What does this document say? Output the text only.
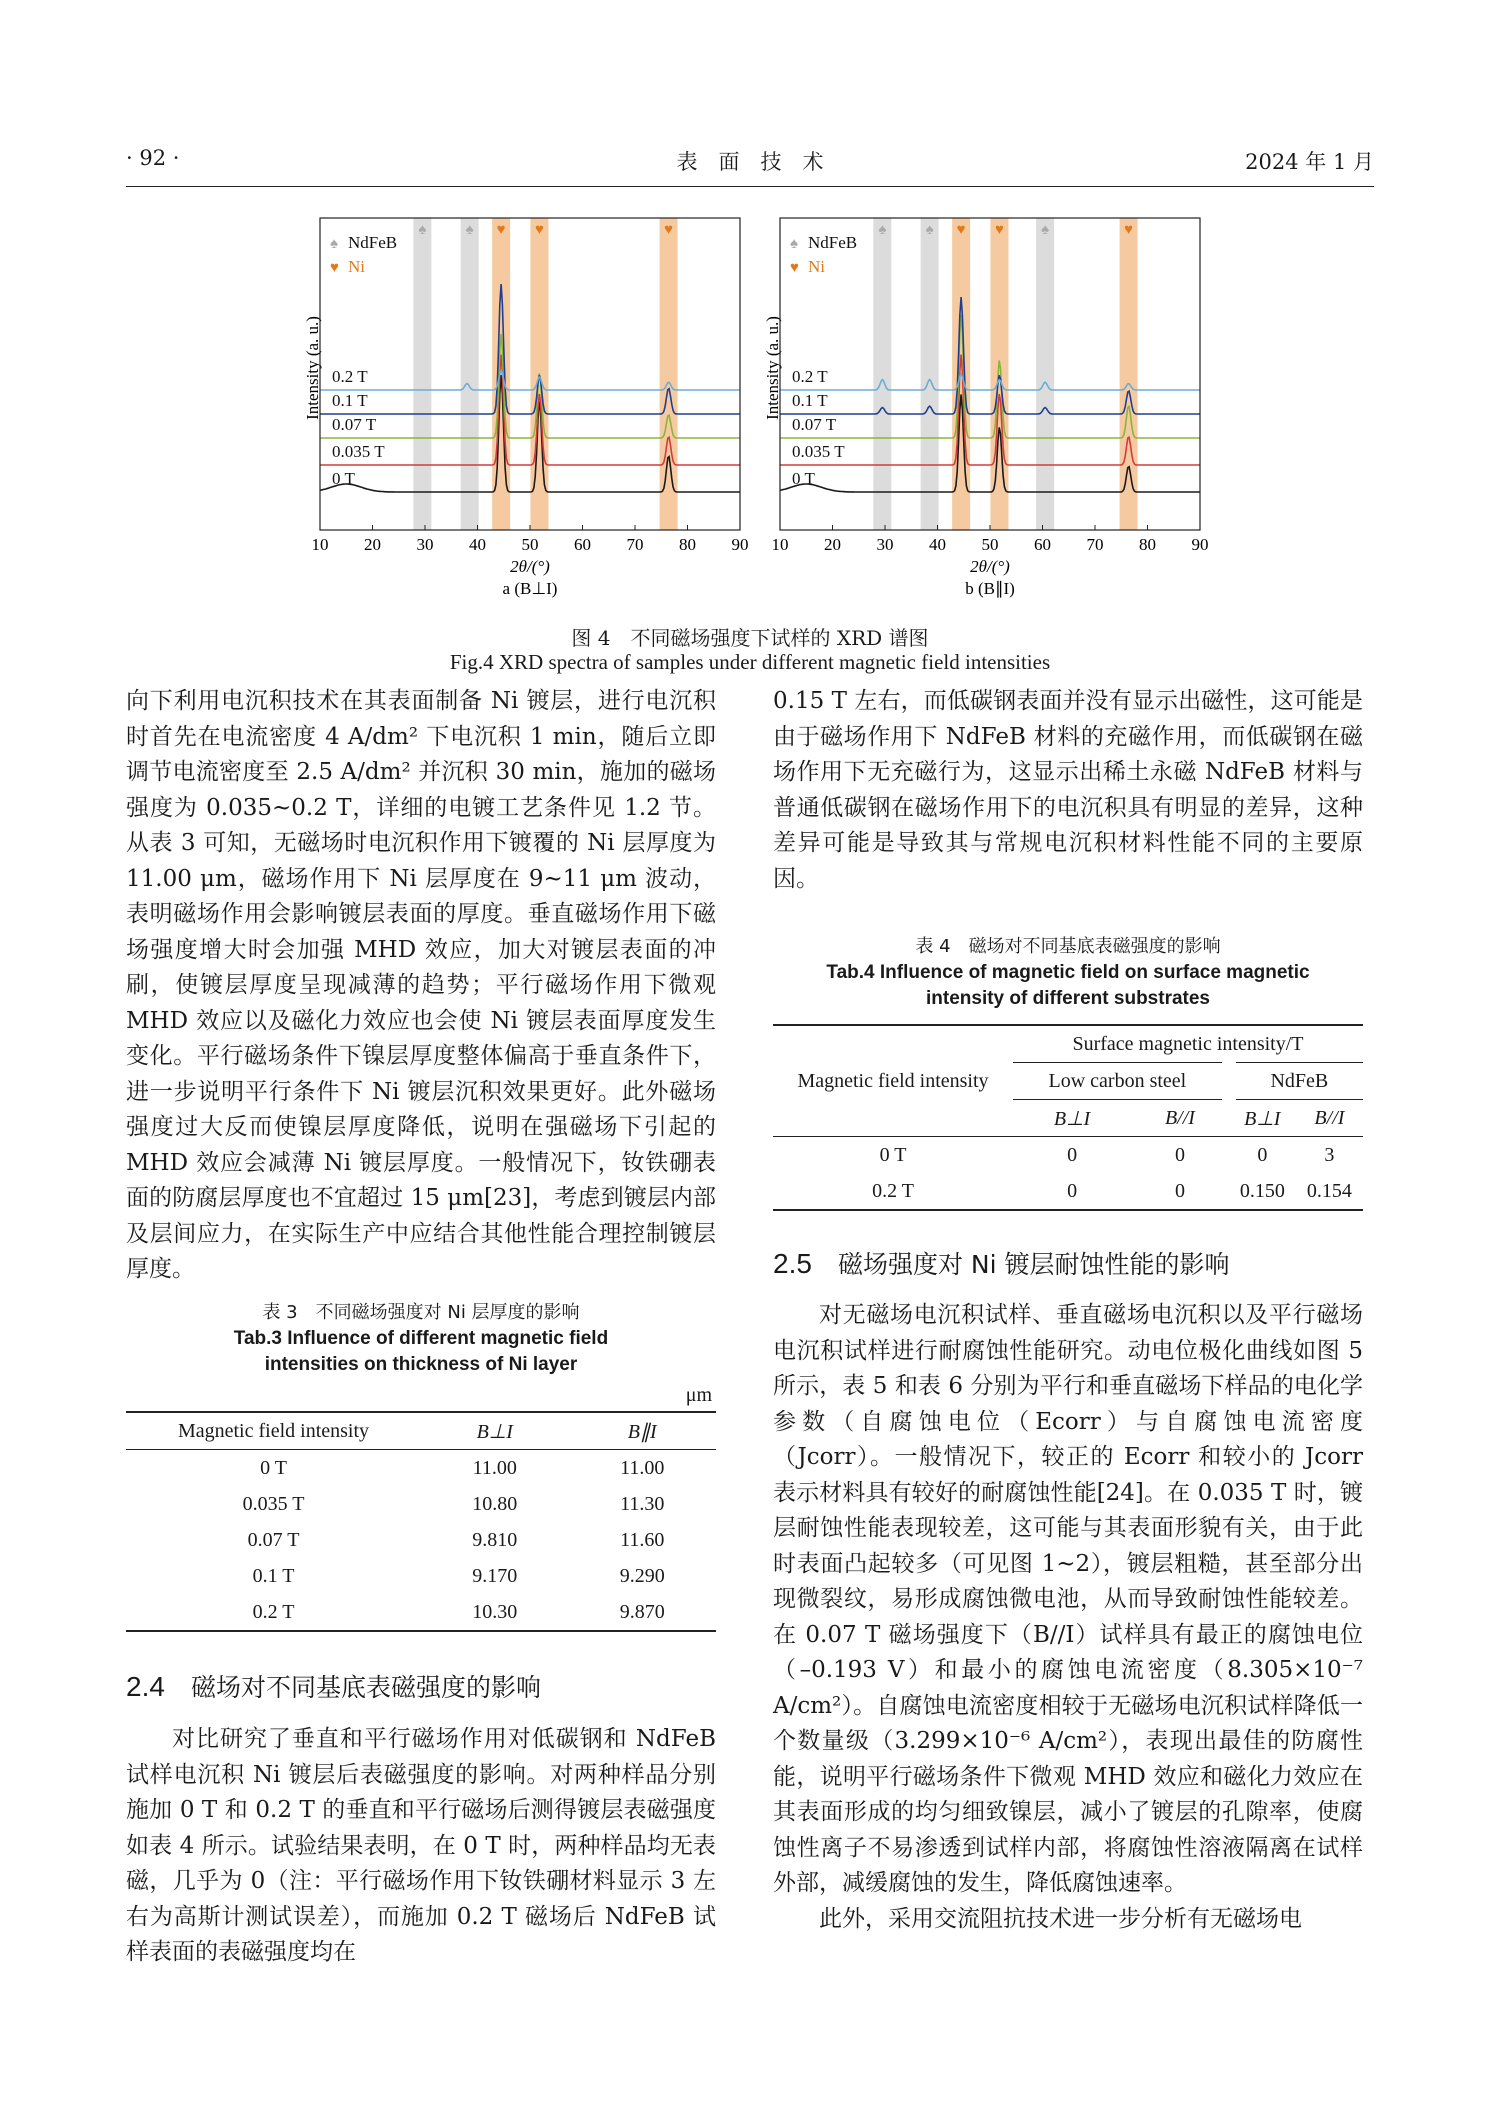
· 92 ·	表　面　技　术	2024 年 1 月
♠	♠ ♥ ♥	♥
0 T
0.035 T
0.07 T
0.1 T
0.2 T
10 20 30 40 50 60 70 80 90
2θ/(°)
a (B⊥I)
Intensity (a. u.)
♠ NdFeB
♥ Ni
♠	♠	♠
♥ ♥	♥
0 T
0.035 T
0.07 T
0.1 T
0.2 T
10 20 30 40 50 60 70 80 90
2θ/(°)
b (B∥I)
Intensity (a. u.)
♠ NdFeB
♥ Ni
图 4　不同磁场强度下试样的 XRD 谱图
Fig.4 XRD spectra of samples under different magnetic field intensities

向下利用电沉积技术在其表面制备 Ni 镀层，进行电沉积时首先在电流密度 4 A/dm² 下电沉积 1 min，随后立即调节电流密度至 2.5 A/dm² 并沉积 30 min，施加的磁场强度为 0.035~0.2 T，详细的电镀工艺条件见 1.2 节。从表 3 可知，无磁场时电沉积作用下镀覆的 Ni 层厚度为 11.00 μm，磁场作用下 Ni 层厚度在 9~11 μm 波动，表明磁场作用会影响镀层表面的厚度。垂直磁场作用下磁场强度增大时会加强 MHD 效应，加大对镀层表面的冲刷，使镀层厚度呈现减薄的趋势；平行磁场作用下微观 MHD 效应以及磁化力效应也会使 Ni 镀层表面厚度发生变化。平行磁场条件下镍层厚度整体偏高于垂直条件下，进一步说明平行条件下 Ni 镀层沉积效果更好。此外磁场强度过大反而使镍层厚度降低，说明在强磁场下引起的 MHD 效应会减薄 Ni 镀层厚度。一般情况下，钕铁硼表面的防腐层厚度也不宜超过 15 μm[23]，考虑到镀层内部及层间应力，在实际生产中应结合其他性能合理控制镀层厚度。

表 3　不同磁场强度对 Ni 层厚度的影响
Tab.3 Influence of different magnetic field
intensities on thickness of Ni layer
μm
Magnetic field intensity	B⊥I	B∥I
0 T	11.00	11.00
0.035 T	10.80	11.30
0.07 T	9.810	11.60
0.1 T	9.170	9.290
0.2 T	10.30	9.870
2.4 磁场对不同基底表磁强度的影响

对比研究了垂直和平行磁场作用对低碳钢和 NdFeB 试样电沉积 Ni 镀层后表磁强度的影响。对两种样品分别施加 0 T 和 0.2 T 的垂直和平行磁场后测得镀层表磁强度如表 4 所示。试验结果表明，在 0 T 时，两种样品均无表磁，几乎为 0（注：平行磁场作用下钕铁硼材料显示 3 左右为高斯计测试误差），而施加 0.2 T 磁场后 NdFeB 试样表面的表磁强度均在

0.15 T 左右，而低碳钢表面并没有显示出磁性，这可能是由于磁场作用下 NdFeB 材料的充磁作用，而低碳钢在磁场作用下无充磁行为，这显示出稀土永磁 NdFeB 材料与普通低碳钢在磁场作用下的电沉积具有明显的差异，这种差异可能是导致其与常规电沉积材料性能不同的主要原因。

表 4　磁场对不同基底表磁强度的影响
Tab.4 Influence of magnetic field on surface magnetic
intensity of different substrates
Magnetic field intensity	Surface magnetic intensity/T			
	Low carbon steel		NdFeB	
	B⊥I	B//I	B⊥I	B//I
0 T	0	0	0	3
0.2 T	0	0	0.150	0.154
2.5 磁场强度对 Ni 镀层耐蚀性能的影响

对无磁场电沉积试样、垂直磁场电沉积以及平行磁场电沉积试样进行耐腐蚀性能研究。动电位极化曲线如图 5 所示，表 5 和表 6 分别为平行和垂直磁场下样品的电化学参数（自腐蚀电位（Ecorr）与自腐蚀电流密度（Jcorr）。一般情况下，较正的 Ecorr 和较小的 Jcorr 表示材料具有较好的耐腐蚀性能[24]。在 0.035 T 时，镀层耐蚀性能表现较差，这可能与其表面形貌有关，由于此时表面凸起较多（可见图 1~2），镀层粗糙，甚至部分出现微裂纹，易形成腐蚀微电池，从而导致耐蚀性能较差。在 0.07 T 磁场强度下（B//I）试样具有最正的腐蚀电位（–0.193 V）和最小的腐蚀电流密度（8.305×10⁻⁷ A/cm²）。自腐蚀电流密度相较于无磁场电沉积试样降低一个数量级（3.299×10⁻⁶ A/cm²），表现出最佳的防腐性能，说明平行磁场条件下微观 MHD 效应和磁化力效应在其表面形成的均匀细致镍层，减小了镀层的孔隙率，使腐蚀性离子不易渗透到试样内部，将腐蚀性溶液隔离在试样外部，减缓腐蚀的发生，降低腐蚀速率。

此外，采用交流阻抗技术进一步分析有无磁场电
